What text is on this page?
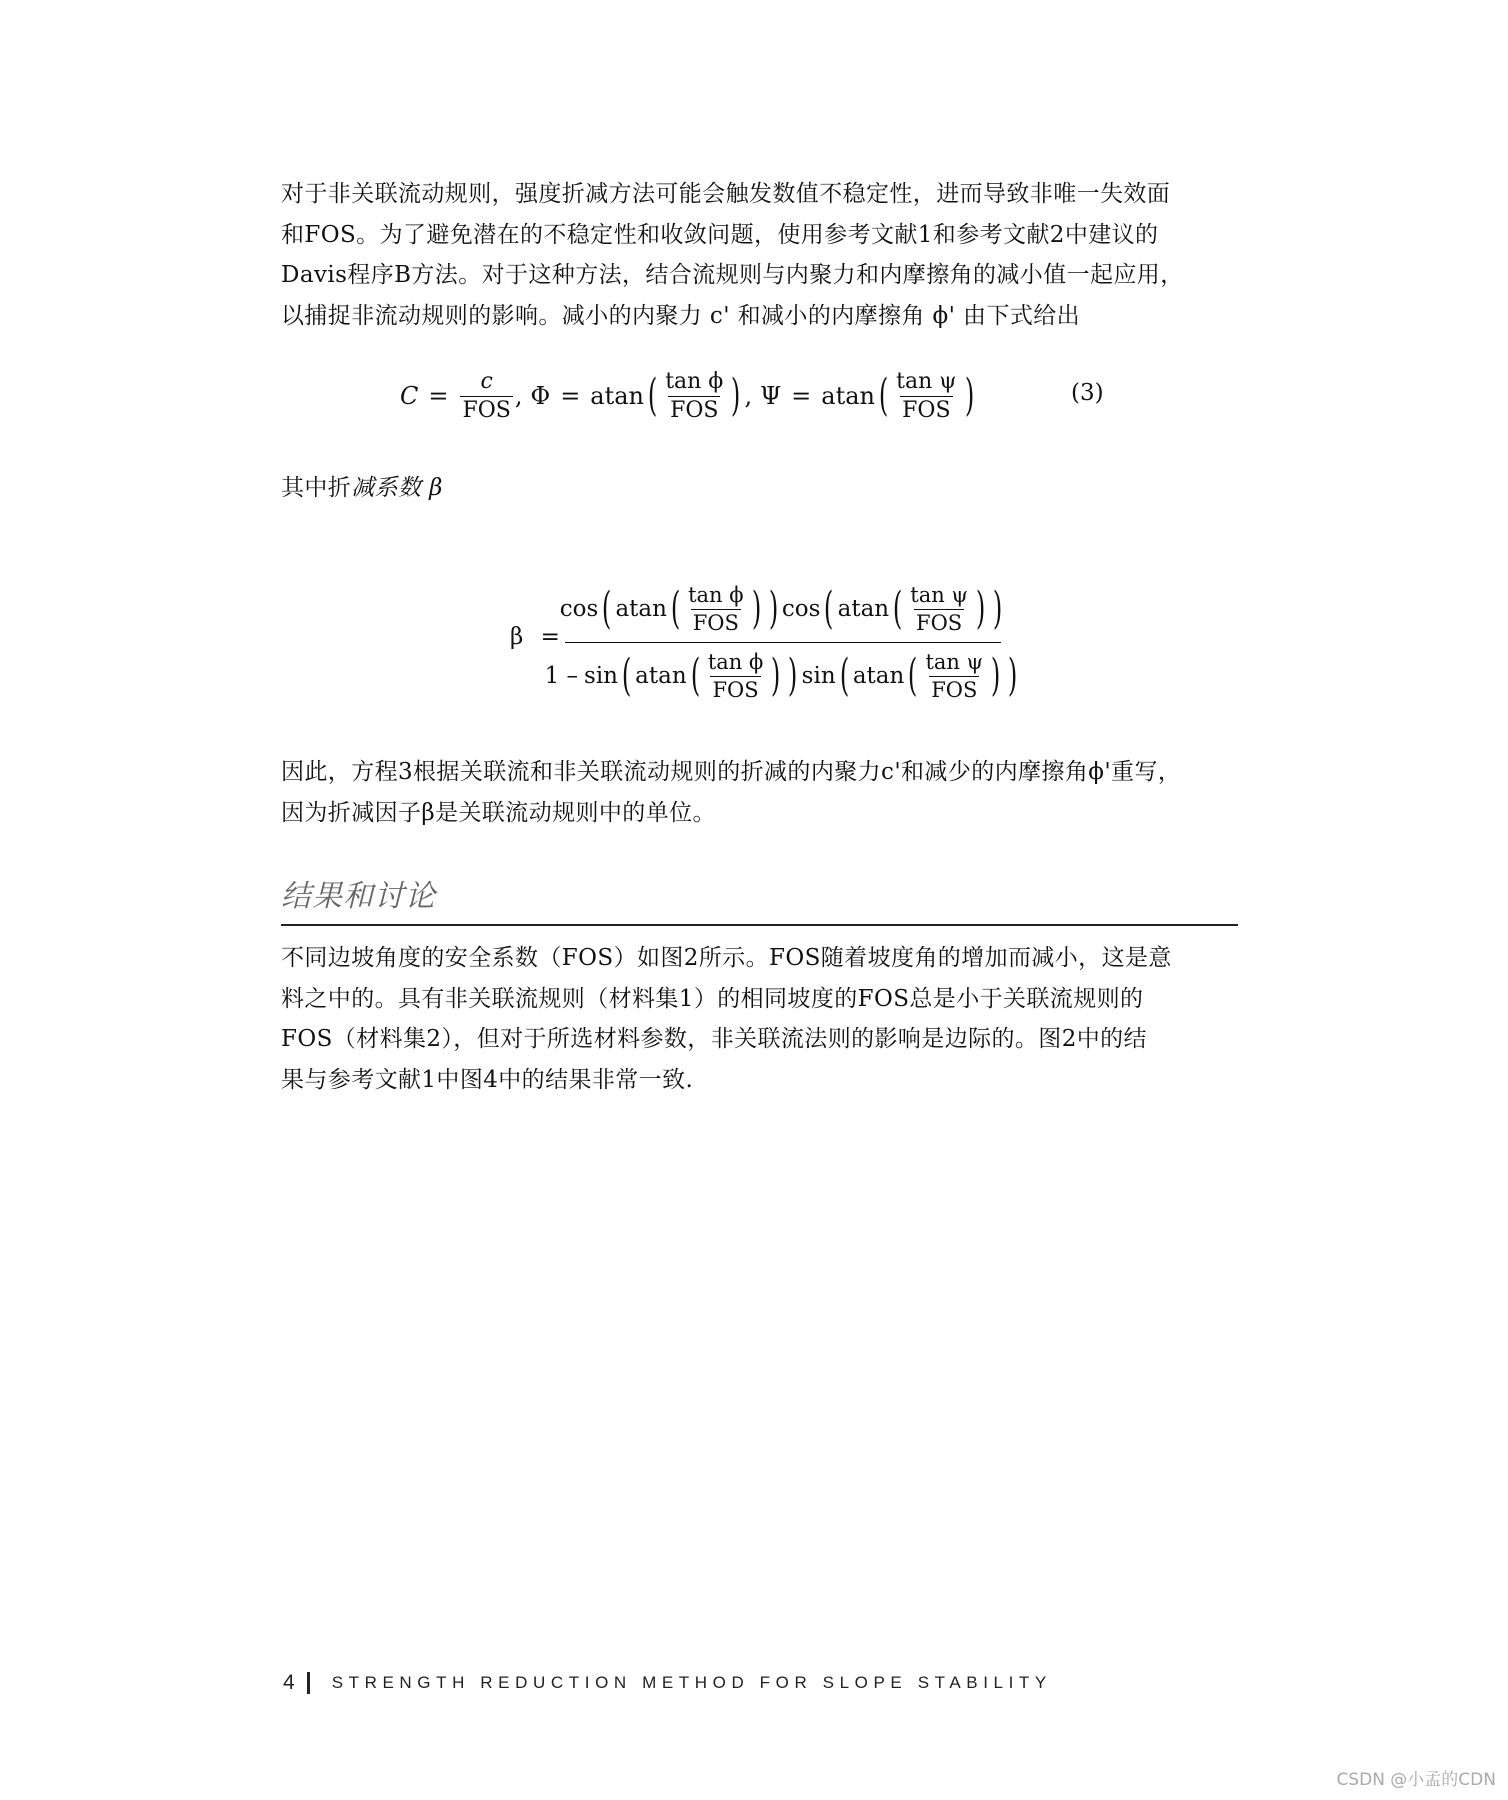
对于非关联流动规则，强度折减方法可能会触发数值不稳定性，进而导致非唯一失效面
和FOS。为了避免潜在的不稳定性和收敛问题，使用参考文献1和参考文献2中建议的
Davis程序B方法。对于这种方法，结合流规则与内聚力和内摩擦角的减小值一起应用，
以捕捉非流动规则的影响。减小的内聚力 c' 和减小的内摩擦角 ϕ' 由下式给出

$C = \frac{c}{\text{FOS}}$ , Φ = atan ( $\frac{\text{tan ϕ}}{\text{FOS}}$ ) , Ψ = atan ( $\frac{\text{tan ψ}}{\text{FOS}}$ )	(3)

其中折减系数 β

β =
cos ( atan ( $\frac{\text{tan ϕ}}{\text{FOS}}$ ) ) cos ( atan ( $\frac{\text{tan ψ}}{\text{FOS}}$ ) )
1 – sin ( atan ( $\frac{\text{tan ϕ}}{\text{FOS}}$ ) ) sin ( atan ( $\frac{\text{tan ψ}}{\text{FOS}}$ ) )

因此，方程3根据关联流和非关联流动规则的折减的内聚力c'和减少的内摩擦角ϕ'重写，
因为折减因子β是关联流动规则中的单位。

结果和讨论

不同边坡角度的安全系数（FOS）如图2所示。FOS随着坡度角的增加而减小，这是意
料之中的。具有非关联流规则（材料集1）的相同坡度的FOS总是小于关联流规则的
FOS（材料集2），但对于所选材料参数，非关联流法则的影响是边际的。图2中的结
果与参考文献1中图4中的结果非常一致.

4 STRENGTH REDUCTION METHOD FOR SLOPE STABILITY
CSDN @小孟的CDN
